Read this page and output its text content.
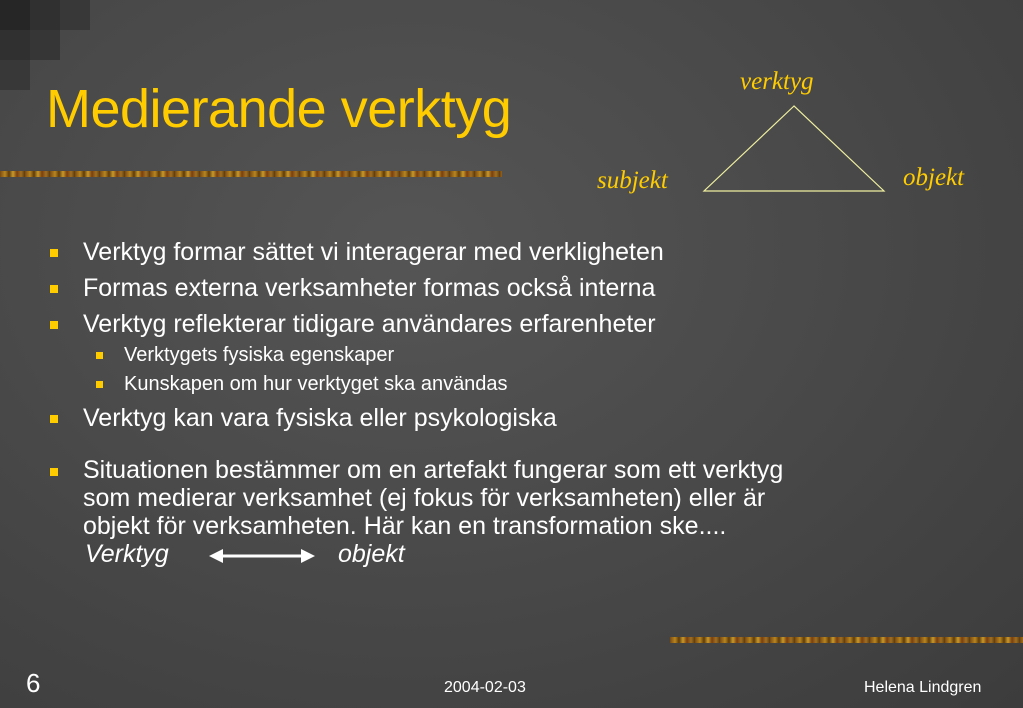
Medierande verktyg	verktyg
subjekt	objekt
Verktyg formar sättet vi interagerar med verkligheten
Formas externa verksamheter formas också interna
Verktyg reflekterar tidigare användares erfarenheter
Verktygets fysiska egenskaper
Kunskapen om hur verktyget ska användas
Verktyg kan vara fysiska eller psykologiska
Situationen bestämmer om en artefakt fungerar som ett verktyg
som medierar verksamhet (ej fokus för verksamheten) eller är
objekt för verksamheten. Här kan en transformation ske....
Verktyg	objekt
6	2004-02-03	Helena Lindgren
